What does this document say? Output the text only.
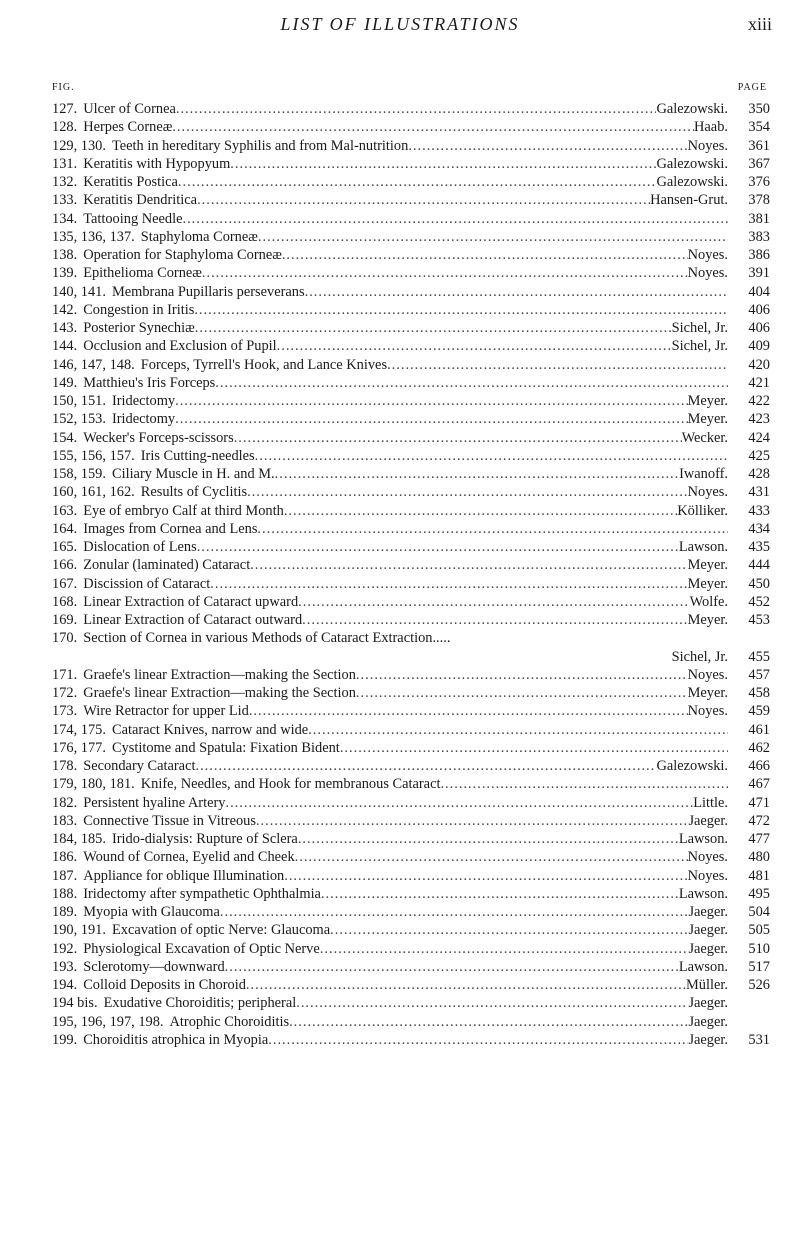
LIST OF ILLUSTRATIONS	xiii
FIG.	PAGE
127. Ulcer of Cornea .....	Galezowski.	350
128. Herpes Corneæ .....	Haab.	354
129, 130. Teeth in hereditary Syphilis and from Mal-nutrition .....	Noyes.	361
131. Keratitis with Hypopyum .....	Galezowski.	367
132. Keratitis Postica .....	Galezowski.	376
133. Keratitis Dendritica .....	Hansen-Grut.	378
134. Tattooing Needle .....	381
135, 136, 137. Staphyloma Corneæ .....	383
138. Operation for Staphyloma Corneæ .....	Noyes.	386
139. Epithelioma Corneæ .....	Noyes.	391
140, 141. Membrana Pupillaris perseverans .....	404
142. Congestion in Iritis .....	406
143. Posterior Synechiæ .....	Sichel, Jr.	406
144. Occlusion and Exclusion of Pupil .....	Sichel, Jr.	409
146, 147, 148. Forceps, Tyrrell's Hook, and Lance Knives .....	420
149. Matthieu's Iris Forceps .....	421
150, 151. Iridectomy .....	Meyer.	422
152, 153. Iridectomy .....	Meyer.	423
154. Wecker's Forceps-scissors .....	Wecker.	424
155, 156, 157. Iris Cutting-needles .....	425
158, 159. Ciliary Muscle in H. and M. .....	Iwanoff.	428
160, 161, 162. Results of Cyclitis .....	Noyes.	431
163. Eye of embryo Calf at third Month .....	Kölliker.	433
164. Images from Cornea and Lens .....	434
165. Dislocation of Lens .....	Lawson.	435
166. Zonular (laminated) Cataract .....	Meyer.	444
167. Discission of Cataract .....	Meyer.	450
168. Linear Extraction of Cataract upward .....	Wolfe.	452
169. Linear Extraction of Cataract outward .....	Meyer.	453
170. Section of Cornea in various Methods of Cataract Extraction.....
Sichel, Jr.	455
171. Graefe's linear Extraction—making the Section .....	Noyes.	457
172. Graefe's linear Extraction—making the Section .....	Meyer.	458
173. Wire Retractor for upper Lid .....	Noyes.	459
174, 175. Cataract Knives, narrow and wide .....	461
176, 177. Cystitome and Spatula: Fixation Bident .....	462
178. Secondary Cataract .....	Galezowski.	466
179, 180, 181. Knife, Needles, and Hook for membranous Cataract .....	467
182. Persistent hyaline Artery .....	Little.	471
183. Connective Tissue in Vitreous .....	Jaeger.	472
184, 185. Irido-dialysis: Rupture of Sclera .....	Lawson.	477
186. Wound of Cornea, Eyelid and Cheek .....	Noyes.	480
187. Appliance for oblique Illumination .....	Noyes.	481
188. Iridectomy after sympathetic Ophthalmia .....	Lawson.	495
189. Myopia with Glaucoma .....	Jaeger.	504
190, 191. Excavation of optic Nerve: Glaucoma .....	Jaeger.	505
192. Physiological Excavation of Optic Nerve .....	Jaeger.	510
193. Sclerotomy—downward .....	Lawson.	517
194. Colloid Deposits in Choroid .....	Müller.	526
194 bis. Exudative Choroiditis; peripheral .....	Jaeger.
195, 196, 197, 198. Atrophic Choroiditis .....	Jaeger.
199. Choroiditis atrophica in Myopia .....	Jaeger.	531
